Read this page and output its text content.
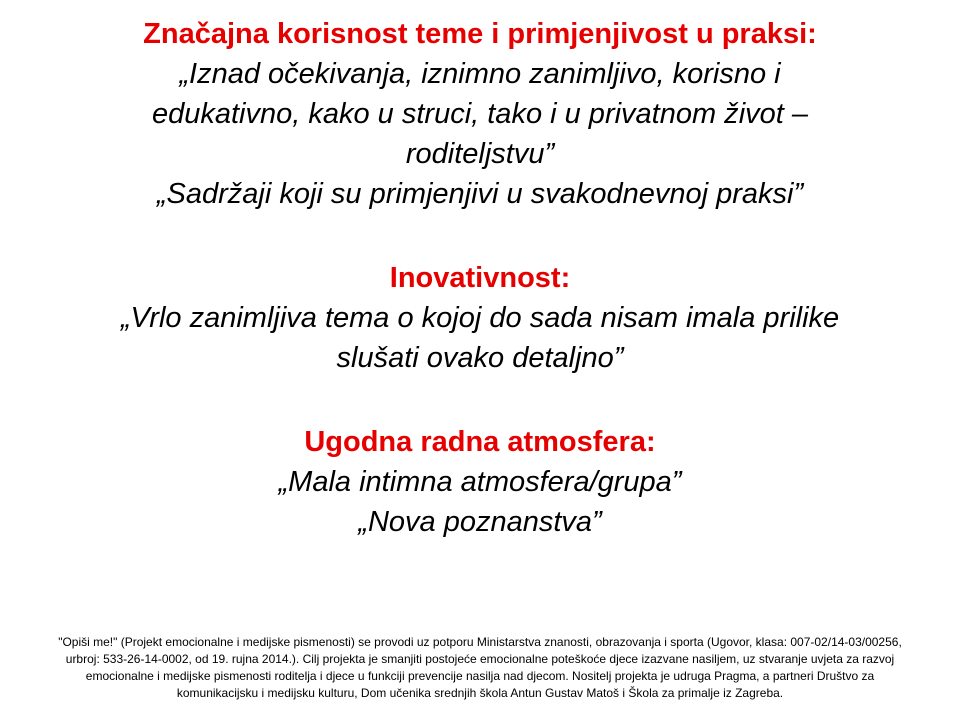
Značajna korisnost teme i primjenjivost u praksi:

„Iznad očekivanja, iznimno zanimljivo, korisno i

edukativno, kako u struci, tako i u privatnom život –

roditeljstvu”

„Sadržaji koji su primjenjivi u svakodnevnoj praksi”

Inovativnost:

„Vrlo zanimljiva tema o kojoj do sada nisam imala prilike

slušati ovako detaljno”

Ugodna radna atmosfera:

„Mala intimna atmosfera/grupa”

„Nova poznanstva”

"Opiši me!" (Projekt emocionalne i medijske pismenosti) se provodi uz potporu Ministarstva znanosti, obrazovanja i sporta (Ugovor, klasa: 007-02/14-03/00256,
urbroj: 533-26-14-0002, od 19. rujna 2014.). Cilj projekta je smanjiti postojeće emocionalne poteškoće djece izazvane nasiljem, uz stvaranje uvjeta za razvoj
emocionalne i medijske pismenosti roditelja i djece u funkciji prevencije nasilja nad djecom. Nositelj projekta je udruga Pragma, a partneri Društvo za
komunikacijsku i medijsku kulturu, Dom učenika srednjih škola Antun Gustav Matoš i Škola za primalje iz Zagreba.
